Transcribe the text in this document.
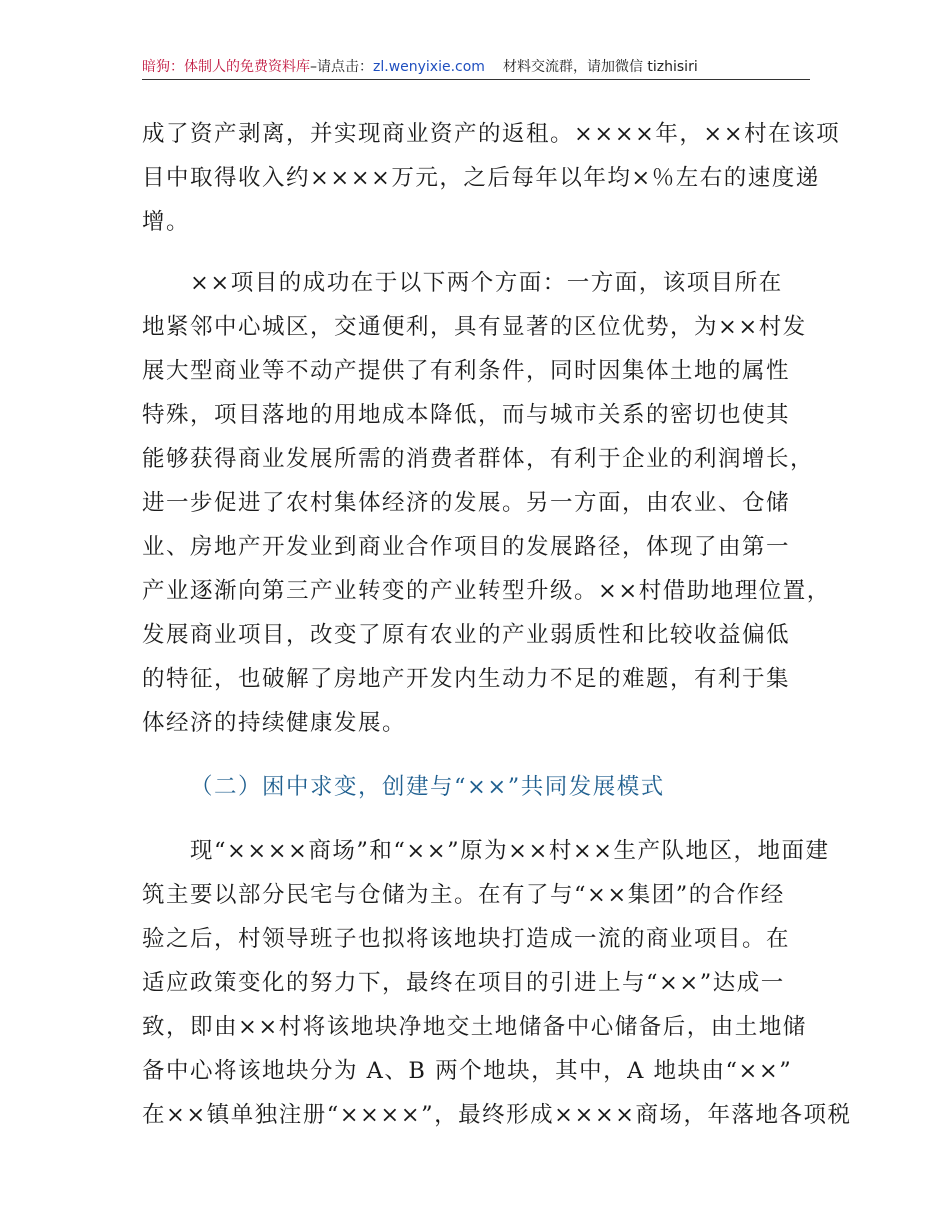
暗狗：体制人的免费资料库–请点击：zl.wenyixie.com 材料交流群，请加微信 tizhisiri

成了资产剥离，并实现商业资产的返租。××××年，××村在该项
目中取得收入约××××万元，之后每年以年均×％左右的速度递
增。

××项目的成功在于以下两个方面：一方面，该项目所在
地紧邻中心城区，交通便利，具有显著的区位优势，为××村发
展大型商业等不动产提供了有利条件，同时因集体土地的属性
特殊，项目落地的用地成本降低，而与城市关系的密切也使其
能够获得商业发展所需的消费者群体，有利于企业的利润增长，
进一步促进了农村集体经济的发展。另一方面，由农业、仓储
业、房地产开发业到商业合作项目的发展路径，体现了由第一
产业逐渐向第三产业转变的产业转型升级。××村借助地理位置，
发展商业项目，改变了原有农业的产业弱质性和比较收益偏低
的特征，也破解了房地产开发内生动力不足的难题，有利于集
体经济的持续健康发展。

（二）困中求变，创建与“××”共同发展模式

现“××××商场”和“××”原为××村××生产队地区，地面建
筑主要以部分民宅与仓储为主。在有了与“××集团”的合作经
验之后，村领导班子也拟将该地块打造成一流的商业项目。在
适应政策变化的努力下，最终在项目的引进上与“××”达成一
致，即由××村将该地块净地交土地储备中心储备后，由土地储
备中心将该地块分为 A、B 两个地块，其中，A 地块由“××”
在××镇单独注册“××××”，最终形成××××商场，年落地各项税
